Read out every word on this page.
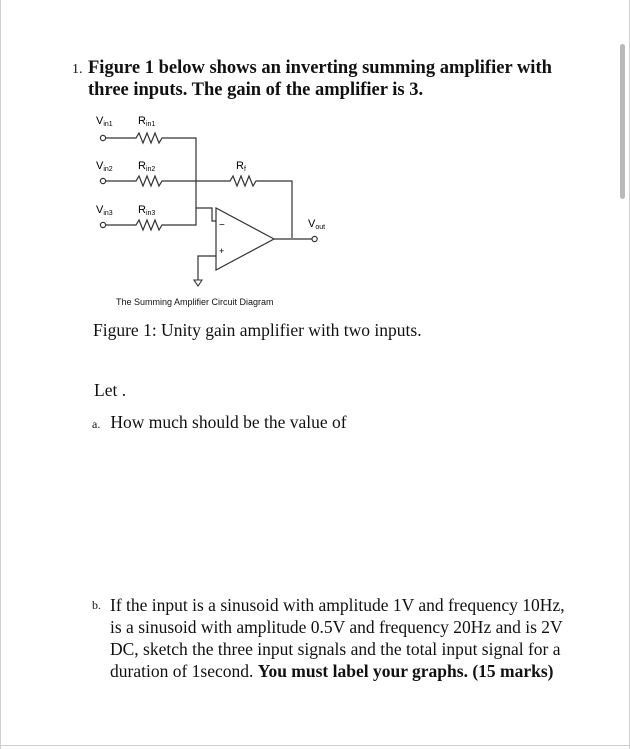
1. Figure 1 below shows an inverting summing amplifier with three inputs. The gain of the amplifier is 3.
Vin1 Rin1
Vin2 Rin2	Rf
Vin3 Rin3
−
+
Vout
The Summing Amplifier Circuit Diagram
Figure 1: Unity gain amplifier with two inputs.
Let .
a. How much should be the value of
b. If the input is a sinusoid with amplitude 1V and frequency 10Hz, is a sinusoid with amplitude 0.5V and frequency 20Hz and is 2V DC, sketch the three input signals and the total input signal for a duration of 1second. You must label your graphs. (15 marks)
